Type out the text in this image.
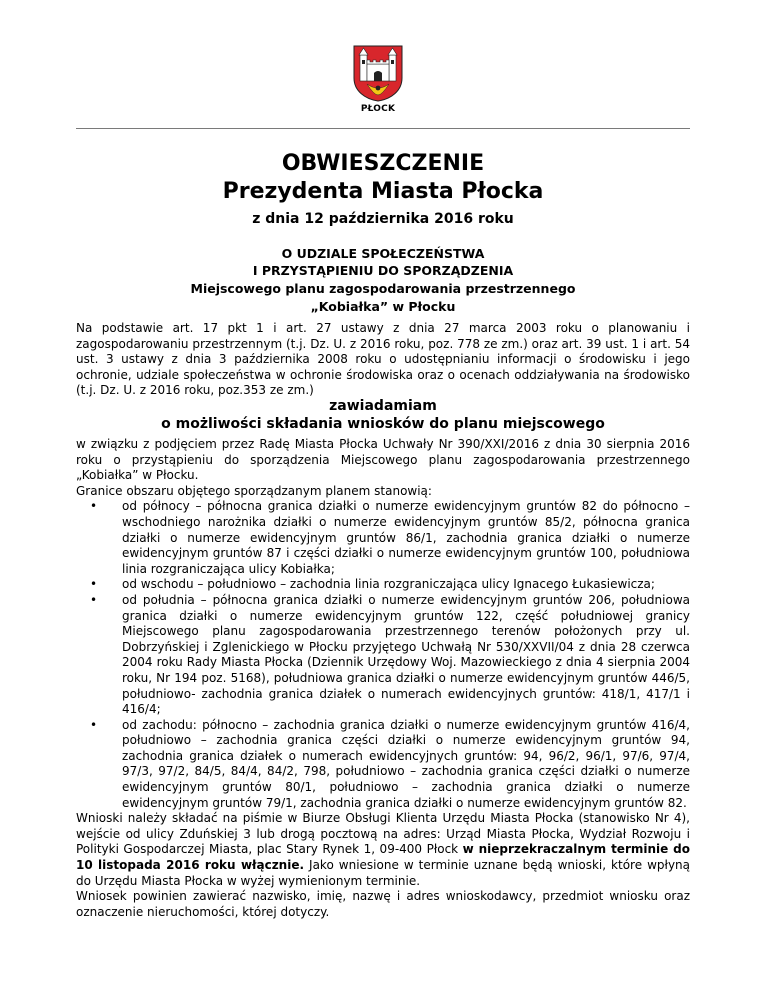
PŁOCK
OBWIESZCZENIE
Prezydenta Miasta Płocka
z dnia 12 października 2016 roku
O UDZIALE SPOŁECZEŃSTWA
I PRZYSTĄPIENIU DO SPORZĄDZENIA
Miejscowego planu zagospodarowania przestrzennego
„Kobiałka” w Płocku
Na podstawie art. 17 pkt 1 i art. 27 ustawy z dnia 27 marca 2003 roku o planowaniu i zagospodarowaniu przestrzennym (t.j. Dz. U. z 2016 roku, poz. 778 ze zm.) oraz art. 39 ust. 1 i art. 54 ust. 3 ustawy z dnia 3 października 2008 roku o udostępnianiu informacji o środowisku i jego ochronie, udziale społeczeństwa w ochronie środowiska oraz o ocenach oddziaływania na środowisko (t.j. Dz. U. z 2016 roku, poz.353 ze zm.)
zawiadamiam
o możliwości składania wniosków do planu miejscowego

w związku z podjęciem przez Radę Miasta Płocka Uchwały Nr 390/XXI/2016 z dnia 30 sierpnia 2016 roku o przystąpieniu do sporządzenia Miejscowego planu zagospodarowania przestrzennego „Kobiałka” w Płocku.

Granice obszaru objętego sporządzanym planem stanowią:

• od północy – północna granica działki o numerze ewidencyjnym gruntów 82 do północno – wschodniego narożnika działki o numerze ewidencyjnym gruntów 85/2, północna granica działki o numerze ewidencyjnym gruntów 86/1, zachodnia granica działki o numerze ewidencyjnym gruntów 87 i części działki o numerze ewidencyjnym gruntów 100, południowa linia rozgraniczająca ulicy Kobiałka;
• od wschodu – południowo – zachodnia linia rozgraniczająca ulicy Ignacego Łukasiewicza;
• od południa – północna granica działki o numerze ewidencyjnym gruntów 206, południowa granica działki o numerze ewidencyjnym gruntów 122, część południowej granicy Miejscowego planu zagospodarowania przestrzennego terenów położonych przy ul. Dobrzyńskiej i Zglenickiego w Płocku przyjętego Uchwałą Nr 530/XXVII/04 z dnia 28 czerwca 2004 roku Rady Miasta Płocka (Dziennik Urzędowy Woj. Mazowieckiego z dnia 4 sierpnia 2004 roku, Nr 194 poz. 5168), południowa granica działki o numerze ewidencyjnym gruntów 446/5, południowo- zachodnia granica działek o numerach ewidencyjnych gruntów: 418/1, 417/1 i 416/4;
• od zachodu: północno – zachodnia granica działki o numerze ewidencyjnym gruntów 416/4, południowo – zachodnia granica części działki o numerze ewidencyjnym gruntów 94, zachodnia granica działek o numerach ewidencyjnych gruntów: 94, 96/2, 96/1, 97/6, 97/4, 97/3, 97/2, 84/5, 84/4, 84/2, 798, południowo – zachodnia granica części działki o numerze ewidencyjnym gruntów 80/1, południowo – zachodnia granica działki o numerze ewidencyjnym gruntów 79/1, zachodnia granica działki o numerze ewidencyjnym gruntów 82.

Wnioski należy składać na piśmie w Biurze Obsługi Klienta Urzędu Miasta Płocka (stanowisko Nr 4), wejście od ulicy Zduńskiej 3 lub drogą pocztową na adres: Urząd Miasta Płocka, Wydział Rozwoju i Polityki Gospodarczej Miasta, plac Stary Rynek 1, 09-400 Płock w nieprzekraczalnym terminie do 10 listopada 2016 roku włącznie. Jako wniesione w terminie uznane będą wnioski, które wpłyną do Urzędu Miasta Płocka w wyżej wymienionym terminie.

Wniosek powinien zawierać nazwisko, imię, nazwę i adres wnioskodawcy, przedmiot wniosku oraz oznaczenie nieruchomości, której dotyczy.
